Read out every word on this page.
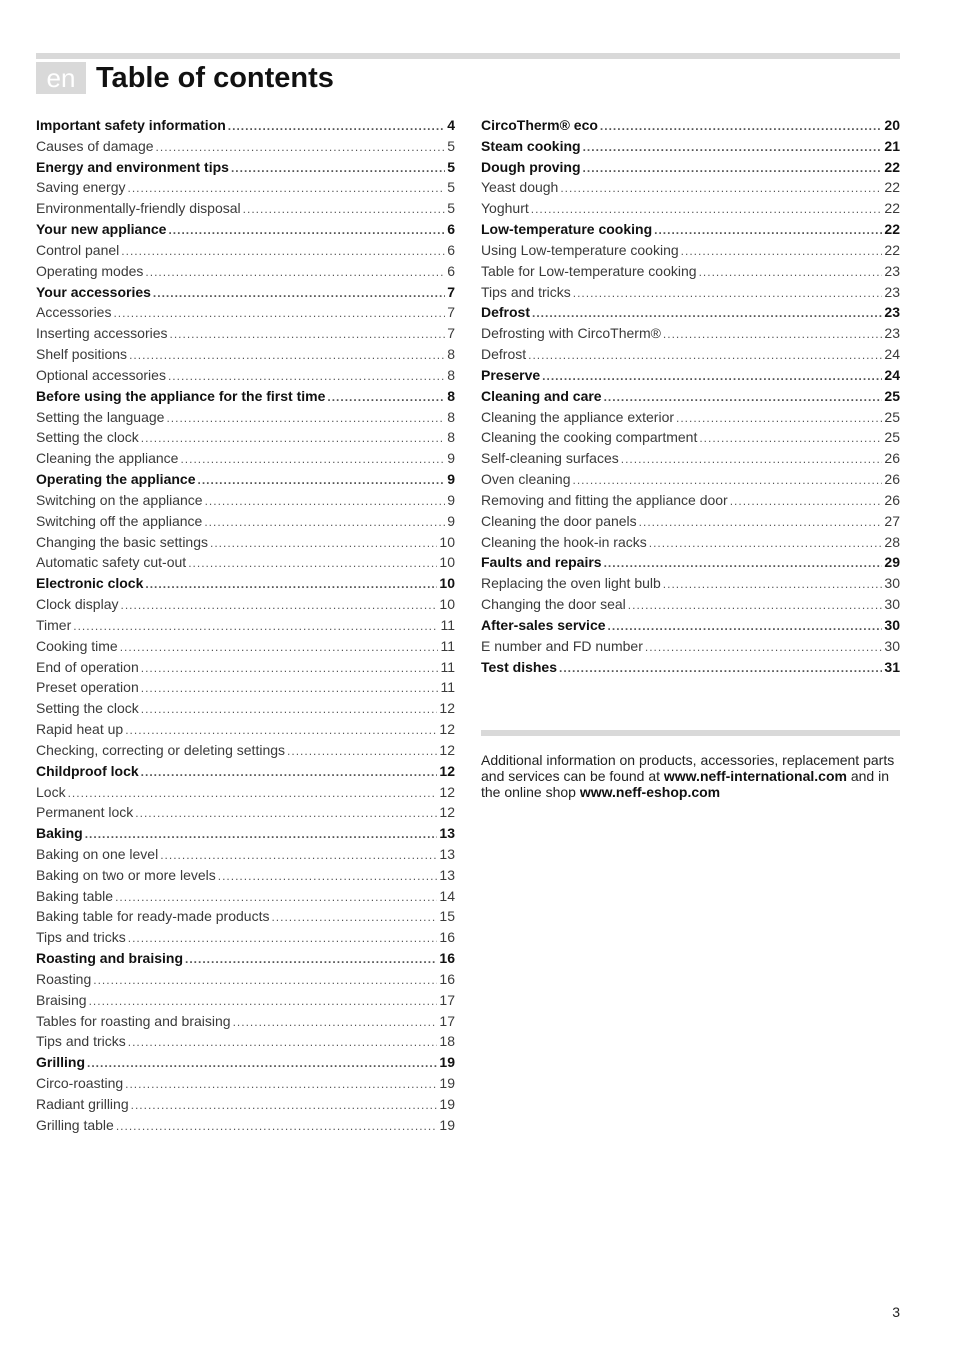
en Table of contents
Important safety information .....	4
Causes of damage .....	5
Energy and environment tips .....	5
Saving energy .....	5
Environmentally-friendly disposal .....	5
Your new appliance .....	6
Control panel .....	6
Operating modes .....	6
Your accessories .....	7
Accessories .....	7
Inserting accessories .....	7
Shelf positions .....	8
Optional accessories .....	8
Before using the appliance for the first time .....	8
Setting the language .....	8
Setting the clock .....	8
Cleaning the appliance .....	9
Operating the appliance .....	9
Switching on the appliance .....	9
Switching off the appliance .....	9
Changing the basic settings .....	10
Automatic safety cut-out .....	10
Electronic clock .....	10
Clock display .....	10
Timer .....	11
Cooking time .....	11
End of operation .....	11
Preset operation .....	11
Setting the clock .....	12
Rapid heat up .....	12
Checking, correcting or deleting settings .....	12
Childproof lock .....	12
Lock .....	12
Permanent lock .....	12
Baking .....	13
Baking on one level .....	13
Baking on two or more levels .....	13
Baking table .....	14
Baking table for ready-made products .....	15
Tips and tricks .....	16
Roasting and braising .....	16
Roasting .....	16
Braising .....	17
Tables for roasting and braising .....	17
Tips and tricks .....	18
Grilling .....	19
Circo-roasting .....	19
Radiant grilling .....	19
Grilling table .....	19
CircoTherm® eco .....	20
Steam cooking .....	21
Dough proving .....	22
Yeast dough .....	22
Yoghurt .....	22
Low-temperature cooking .....	22
Using Low-temperature cooking .....	22
Table for Low-temperature cooking .....	23
Tips and tricks .....	23
Defrost .....	23
Defrosting with CircoTherm® .....	23
Defrost .....	24
Preserve .....	24
Cleaning and care .....	25
Cleaning the appliance exterior .....	25
Cleaning the cooking compartment .....	25
Self-cleaning surfaces .....	26
Oven cleaning .....	26
Removing and fitting the appliance door .....	26
Cleaning the door panels .....	27
Cleaning the hook-in racks .....	28
Faults and repairs .....	29
Replacing the oven light bulb .....	30
Changing the door seal .....	30
After-sales service .....	30
E number and FD number .....	30
Test dishes .....	31

Additional information on products, accessories, replacement parts and services can be found at www.neff-international.com and in the online shop www.neff-eshop.com

3
